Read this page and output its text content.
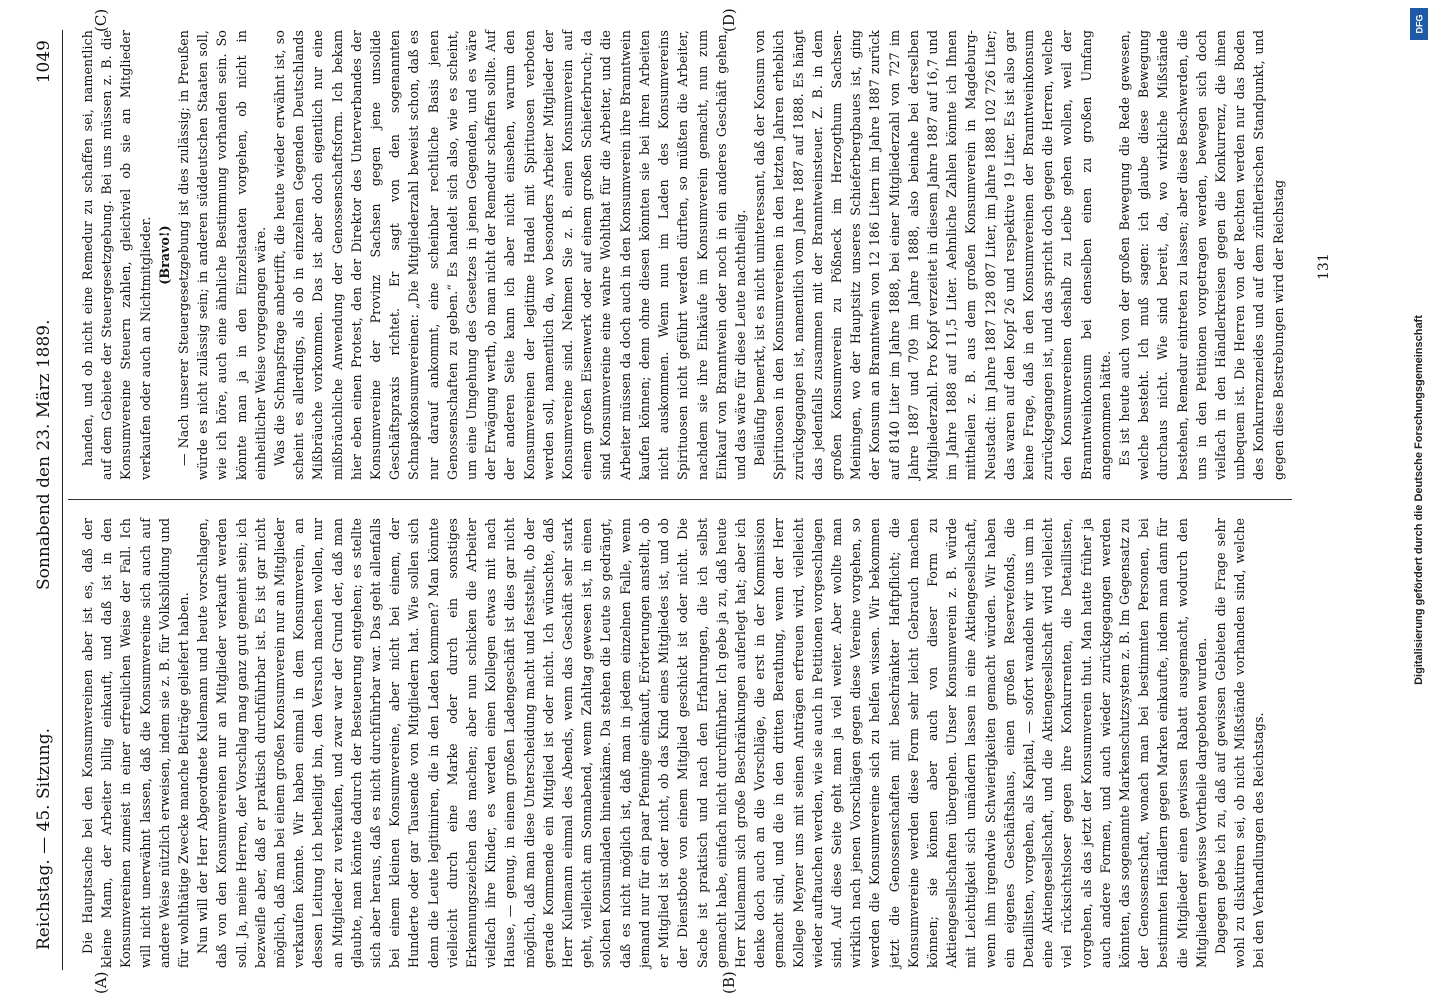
Reichstag. — 45. Sitzung.
Sonnabend den 23. März 1889.
1049
(A)	(B)
(C)	(D)

Die Hauptsache bei den Konsumvereinen aber ist es, daß der kleine Mann, der Arbeiter billig einkauft, und daß ist in den Konsumvereinen zumeist in einer erfreulichen Weise der Fall. Ich will nicht unerwähnt lassen, daß die Konsumvereine sich auch auf andere Weise nützlich erweisen, indem sie z. B. für Volksbildung und für wohlthätige Zwecke manche Beiträge geliefert haben. Nun will der Herr Abgeordnete Kulemann und heute vorschlagen, daß von den Konsumvereinen nur an Mitglieder verkauft werden soll. Ja, meine Herren, der Vorschlag mag ganz gut gemeint sein; ich bezweifle aber, daß er praktisch durchführbar ist. Es ist gar nicht möglich, daß man bei einem großen Konsumverein nur an Mitglieder verkaufen könnte. Wir haben einmal in dem Konsumverein, an dessen Leitung ich betheiligt bin, den Versuch machen wollen, nur an Mitglieder zu verkaufen, und zwar war der Grund der, daß man glaubte, man könnte dadurch der Besteuerung entgehen; es stellte sich aber heraus, daß es nicht durchführbar war. Das geht allenfalls bei einem kleinen Konsumvereine, aber nicht bei einem, der Hunderte oder gar Tausende von Mitgliedern hat. Wie sollen sich denn die Leute legitimiren, die in den Laden kommen? Man könnte vielleicht durch eine Marke oder durch ein sonstiges Erkennungszeichen das machen; aber nun schicken die Arbeiter vielfach ihre Kinder, es werden einen Kollegen etwas mit nach Hause, — genug, in einem großen Ladengeschäft ist dies gar nicht möglich, daß man diese Unterscheidung macht und feststellt, ob der gerade Kommende ein Mitglied ist oder nicht. Ich wünschte, daß Herr Kulemann einmal des Abends, wenn das Geschäft sehr stark geht, vielleicht am Sonnabend, wenn Zahltag gewesen ist, in einen solchen Konsumladen hineinkäme. Da stehen die Leute so gedrängt, daß es nicht möglich ist, daß man in jedem einzelnen Falle, wenn jemand nur für ein paar Pfennige einkauft, Erörterungen anstellt, ob er Mitglied ist oder nicht, ob das Kind eines Mitgliedes ist, und ob der Dienstbote von einem Mitglied geschickt ist oder nicht. Die Sache ist praktisch und nach den Erfahrungen, die ich selbst gemacht habe, einfach nicht durchführbar. Ich gebe ja zu, daß heute Herr Kulemann sich große Beschränkungen auferlegt hat; aber ich denke doch auch an die Vorschläge, die erst in der Kommission gemacht sind, und die in den dritten Berathung, wenn der Herr Kollege Meyner uns mit seinen Anträgen erfreuen wird, vielleicht wieder auftauchen werden, wie sie auch in Petitionen vorgeschlagen sind. Auf diese Seite geht man ja viel weiter. Aber wollte man wirklich nach jenen Vorschlägen gegen diese Vereine vorgehen, so werden die Konsumvereine sich zu helfen wissen. Wir bekommen jetzt die Genossenschaften mit beschränkter Haftpflicht; die Konsumvereine werden diese Form sehr leicht Gebrauch machen können; sie können aber auch von dieser Form zu Aktiengesellschaften übergehen. Unser Konsumverein z. B. würde mit Leichtigkeit sich umändern lassen in eine Aktiengesellschaft, wenn ihm irgendwie Schwierigkeiten gemacht würden. Wir haben ein eigenes Geschäftshaus, einen großen Reservefonds, die Detaillisten, vorgehen, als Kapital, — sofort wandeln wir uns um in eine Aktiengesellschaft, und die Aktiengesellschaft wird vielleicht viel rücksichtsloser gegen ihre Konkurrenten, die Detaillisten, vorgehen, als das jetzt der Konsumverein thut. Man hatte früher ja auch andere Formen, und auch wieder zurückgegangen werden könnten, das sogenannte Markenschutzsystem z. B. Im Gegensatz zu der Genossenschaft, wonach man bei bestimmten Personen, bei bestimmten Händlern gegen Marken einkaufte, indem man dann für die Mitglieder einen gewissen Rabatt ausgemacht, wodurch den Mitgliedern gewisse Vortheile dargeboten wurden. Dagegen gebe ich zu, daß auf gewissen Gebieten die Frage sehr wohl zu diskutiren sei, ob nicht Mißstände vorhanden sind, welche bei den Verhandlungen des Reichstags.

handen, und ob nicht eine Remedur zu schaffen sei, namentlich auf dem Gebiete der Steuergesetzgebung. Bei uns müssen z. B. die Konsumvereine Steuern zahlen, gleichviel ob sie an Mitglieder verkaufen oder auch an Nichtmitglieder. (Bravo!) — Nach unserer Steuergesetzgebung ist dies zulässig; in Preußen würde es nicht zulässig sein; in anderen süddeutschen Staaten soll, wie ich höre, auch eine ähnliche Bestimmung vorhanden sein. So könnte man ja in den Einzelstaaten vorgehen, ob nicht in einheitlicher Weise vorgegangen wäre. Was die Schnapsfrage anbetrifft, die heute wieder erwähnt ist, so scheint es allerdings, als ob in einzelnen Gegenden Deutschlands Mißbräuche vorkommen. Das ist aber doch eigentlich nur eine mißbräuchliche Anwendung der Genossenschaftsform. Ich bekam hier eben einen Protest, den der Direktor des Unterverbandes der Konsumvereine der Provinz Sachsen gegen jene unsolide Geschäftspraxis richtet. Er sagt von den sogenannten Schnapskonsumvereinen: „Die Mitgliederzahl beweist schon, daß es nur darauf ankommt, eine scheinbar rechtliche Basis jenen Genossenschaften zu geben.“ Es handelt sich also, wie es scheint, um eine Umgehung des Gesetzes in jenen Gegenden, und es wäre der Erwägung werth, ob man nicht der Remedur schaffen sollte. Auf der anderen Seite kann ich aber nicht einsehen, warum den Konsumvereinen der legitime Handel mit Spirituosen verboten werden soll, namentlich da, wo besonders Arbeiter Mitglieder der Konsumvereine sind. Nehmen Sie z. B. einen Konsumverein auf einem großen Eisenwerk oder auf einem großen Schieferbruch; da sind Konsumvereine eine wahre Wohlthat für die Arbeiter, und die Arbeiter müssen da doch auch in den Konsumverein ihre Branntwein kaufen können; denn ohne diesen könnten sie bei ihren Arbeiten nicht auskommen. Wenn nun im Laden des Konsumvereins Spirituosen nicht geführt werden dürften, so müßten die Arbeiter, nachdem sie ihre Einkäufe im Konsumverein gemacht, nun zum Einkauf von Branntwein oder noch in ein anderes Geschäft gehen, und das wäre für diese Leute nachtheilig. Beiläufig bemerkt, ist es nicht uninteressant, daß der Konsum von Spirituosen in den Konsumvereinen in den letzten Jahren erheblich zurückgegangen ist, namentlich vom Jahre 1887 auf 1888. Es hängt das jedenfalls zusammen mit der Branntweinsteuer. Z. B. in dem großen Konsumverein zu Pößneck im Herzogthum Sachsen-Meiningen, wo der Hauptsitz unseres Schieferbergbaues ist, ging der Konsum an Branntwein von 12 186 Litern im Jahre 1887 zurück auf 8140 Liter im Jahre 1888, bei einer Mitgliederzahl von 727 im Jahre 1887 und 709 im Jahre 1888, also beinahe bei derselben Mitgliederzahl. Pro Kopf verzeitet in diesem Jahre 1887 auf 16,7 und im Jahre 1888 auf 11,5 Liter. Aehnliche Zahlen könnte ich Ihnen mittheilen z. B. aus dem großen Konsumverein in Magdeburg-Neustadt: im Jahre 1887 128 087 Liter, im Jahre 1888 102 726 Liter; das waren auf den Kopf 26 und respektive 19 Liter. Es ist also gar keine Frage, daß in den Konsumvereinen der Branntweinkonsum zurückgegangen ist, und das spricht doch gegen die Herren, welche den Konsumvereinen deshalb zu Leibe gehen wollen, weil der Branntweinkonsum bei denselben einen zu großen Umfang angenommen hätte. Es ist heute auch von der großen Bewegung die Rede gewesen, welche besteht. Ich muß sagen: ich glaube diese Bewegung durchaus nicht. Wie sind bereit, da, wo wirkliche Mißstände bestehen, Remedur eintreten zu lassen; aber diese Beschwerden, die uns in den Petitionen vorgetragen werden, bewegen sich doch vielfach in den Händlerkreisen gegen die Konkurrenz, die ihnen unbequem ist. Die Herren von der Rechten werden nur das Boden des Konkurrenzneides und auf dem zünftlerischen Standpunkt, und gegen diese Bestrebungen wird der Reichstag 131
DFG
Digitalisierung gefördert durch die Deutsche Forschungsgemeinschaft
